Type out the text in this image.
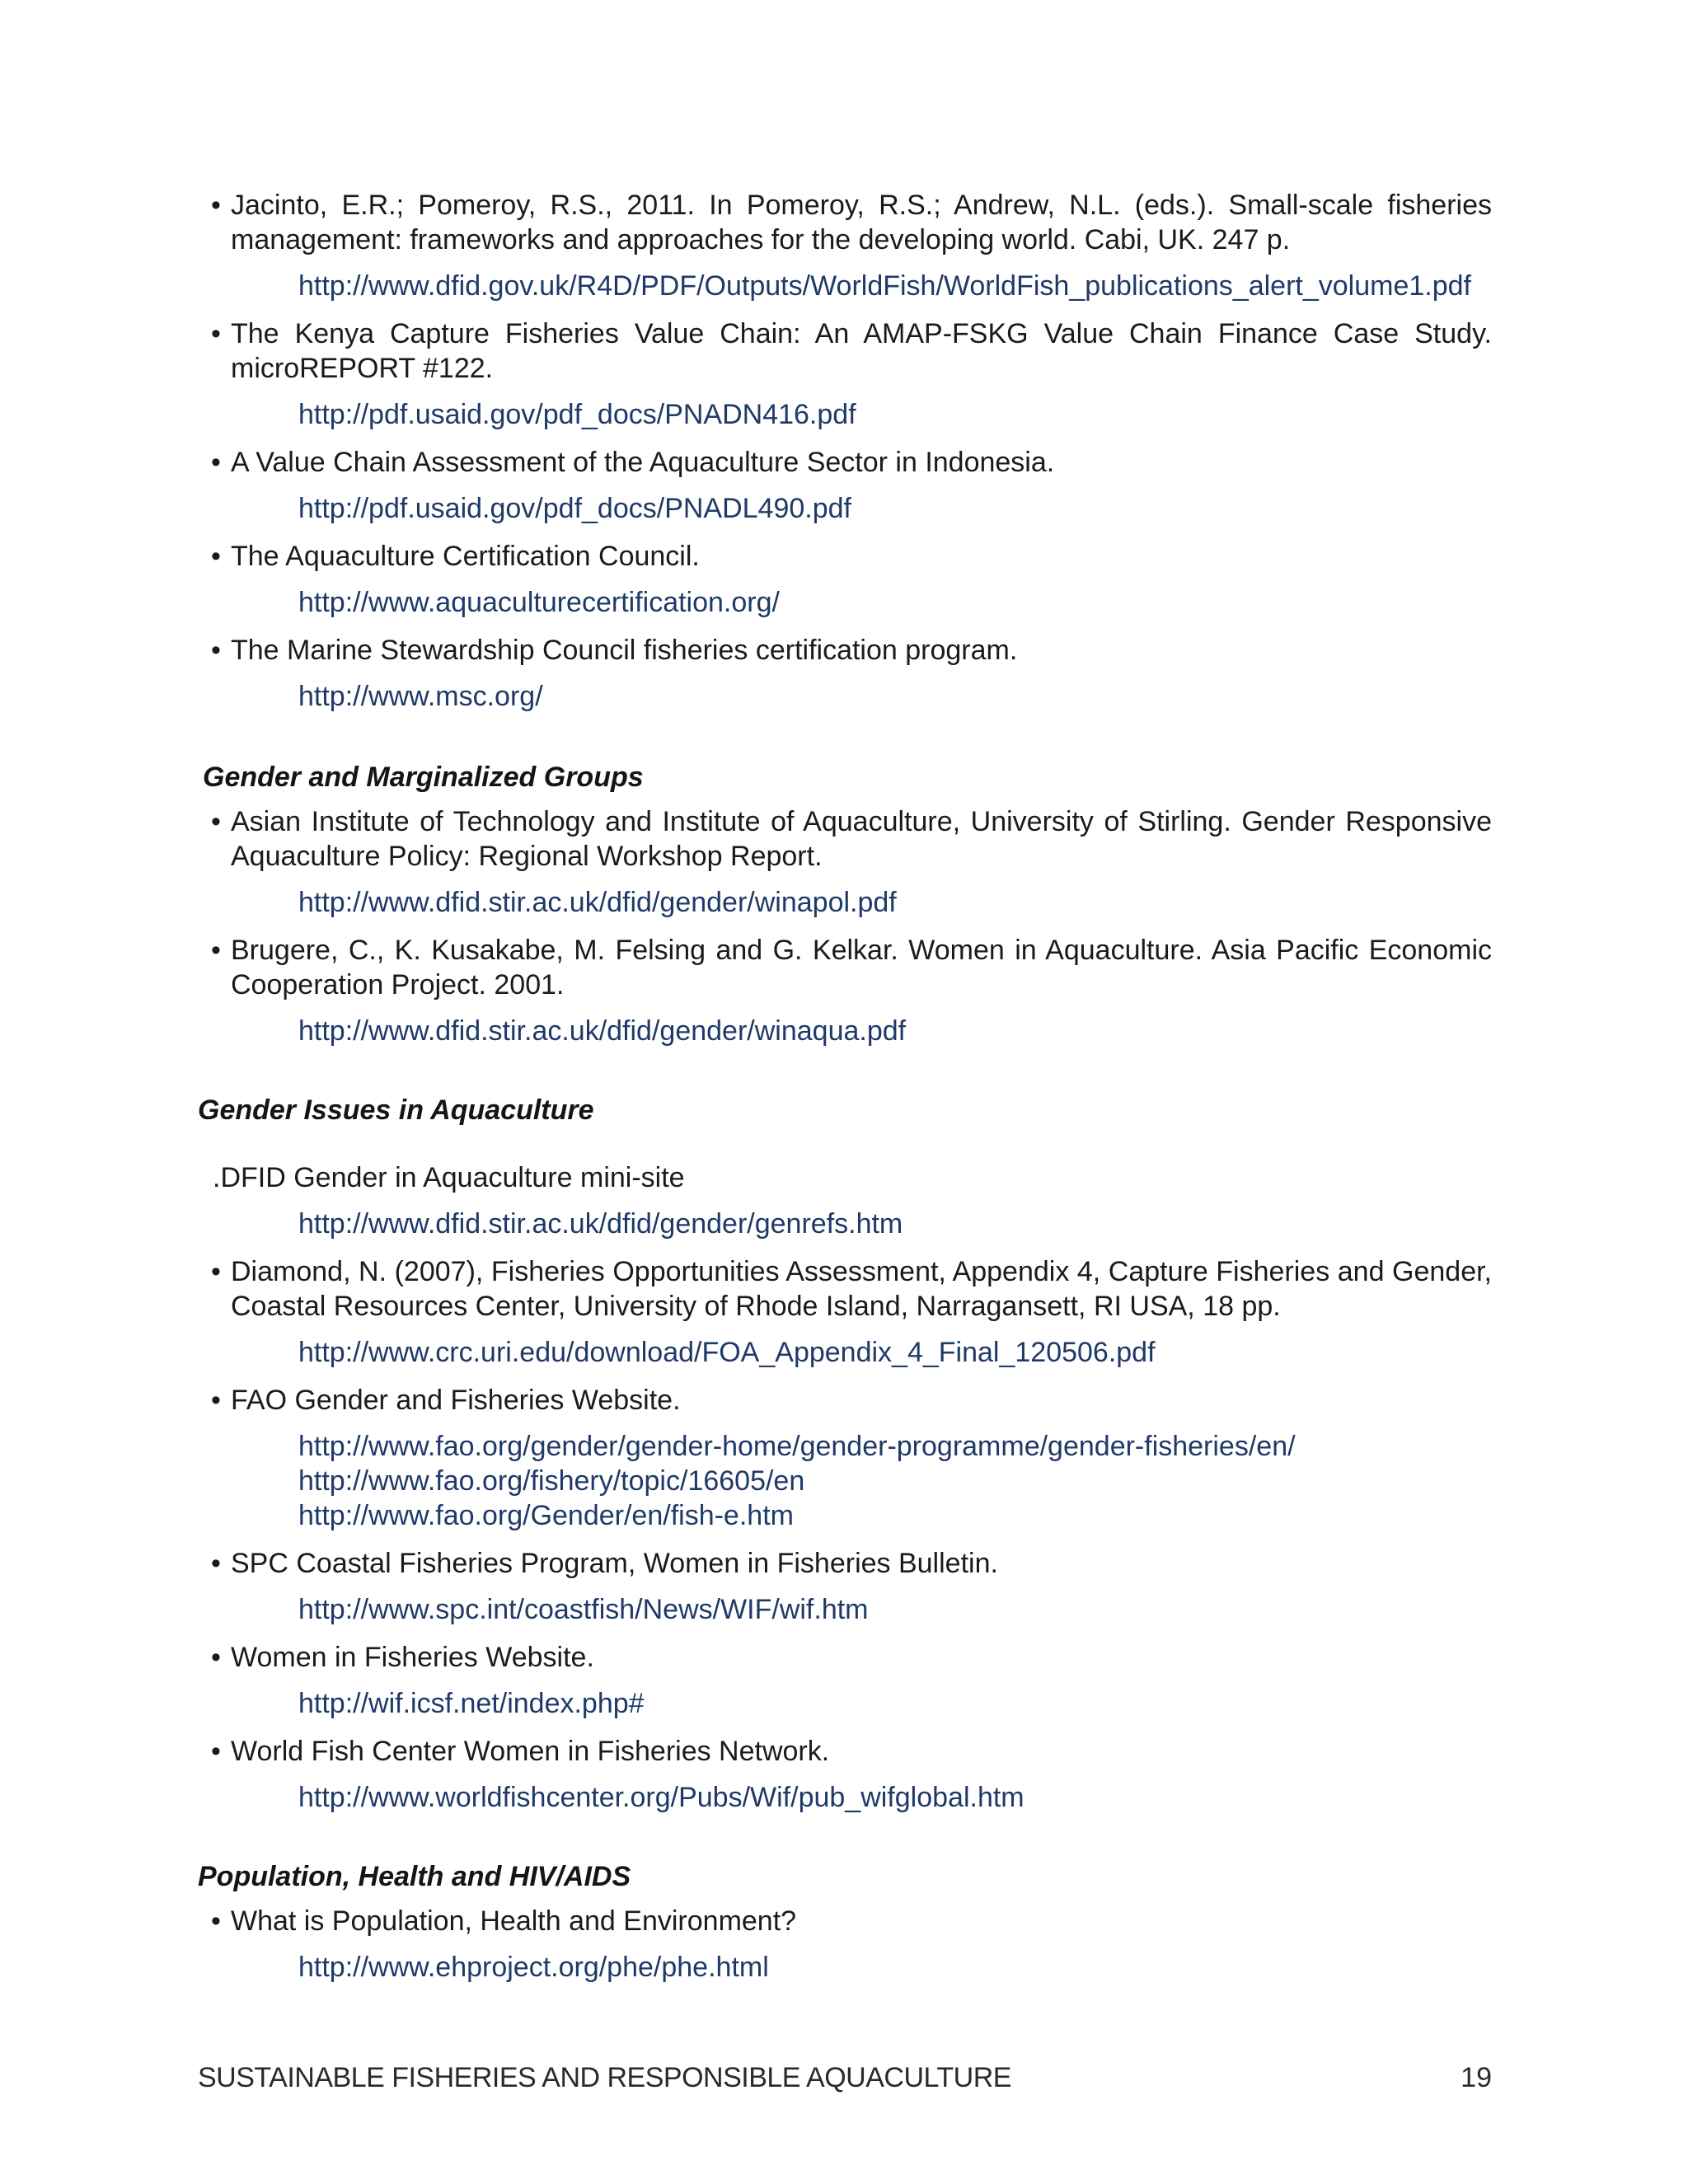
• Jacinto, E.R.; Pomeroy, R.S., 2011. In Pomeroy, R.S.; Andrew, N.L. (eds.). Small-scale fisheries management: frameworks and approaches for the developing world. Cabi, UK. 247 p.
http://www.dfid.gov.uk/R4D/PDF/Outputs/WorldFish/WorldFish_publications_alert_volume1.pdf
• The Kenya Capture Fisheries Value Chain: An AMAP-FSKG Value Chain Finance Case Study. microREPORT #122.
http://pdf.usaid.gov/pdf_docs/PNADN416.pdf
• A Value Chain Assessment of the Aquaculture Sector in Indonesia.
http://pdf.usaid.gov/pdf_docs/PNADL490.pdf
• The Aquaculture Certification Council.
http://www.aquaculturecertification.org/
• The Marine Stewardship Council fisheries certification program.
http://www.msc.org/
Gender and Marginalized Groups
• Asian Institute of Technology and Institute of Aquaculture, University of Stirling. Gender Responsive Aquaculture Policy: Regional Workshop Report.
http://www.dfid.stir.ac.uk/dfid/gender/winapol.pdf
• Brugere, C., K. Kusakabe, M. Felsing and G. Kelkar. Women in Aquaculture. Asia Pacific Economic Cooperation Project. 2001.
http://www.dfid.stir.ac.uk/dfid/gender/winaqua.pdf
Gender Issues in Aquaculture
.DFID Gender in Aquaculture mini-site
http://www.dfid.stir.ac.uk/dfid/gender/genrefs.htm
• Diamond, N. (2007), Fisheries Opportunities Assessment, Appendix 4, Capture Fisheries and Gender, Coastal Resources Center, University of Rhode Island, Narragansett, RI USA, 18 pp.
http://www.crc.uri.edu/download/FOA_Appendix_4_Final_120506.pdf
• FAO Gender and Fisheries Website.
http://www.fao.org/gender/gender-home/gender-programme/gender-fisheries/en/
http://www.fao.org/fishery/topic/16605/en
http://www.fao.org/Gender/en/fish-e.htm
• SPC Coastal Fisheries Program, Women in Fisheries Bulletin.
http://www.spc.int/coastfish/News/WIF/wif.htm
• Women in Fisheries Website.
http://wif.icsf.net/index.php#
• World Fish Center Women in Fisheries Network.
http://www.worldfishcenter.org/Pubs/Wif/pub_wifglobal.htm
Population, Health and HIV/AIDS
• What is Population, Health and Environment?
http://www.ehproject.org/phe/phe.html
SUSTAINABLE FISHERIES AND RESPONSIBLE AQUACULTURE	19
